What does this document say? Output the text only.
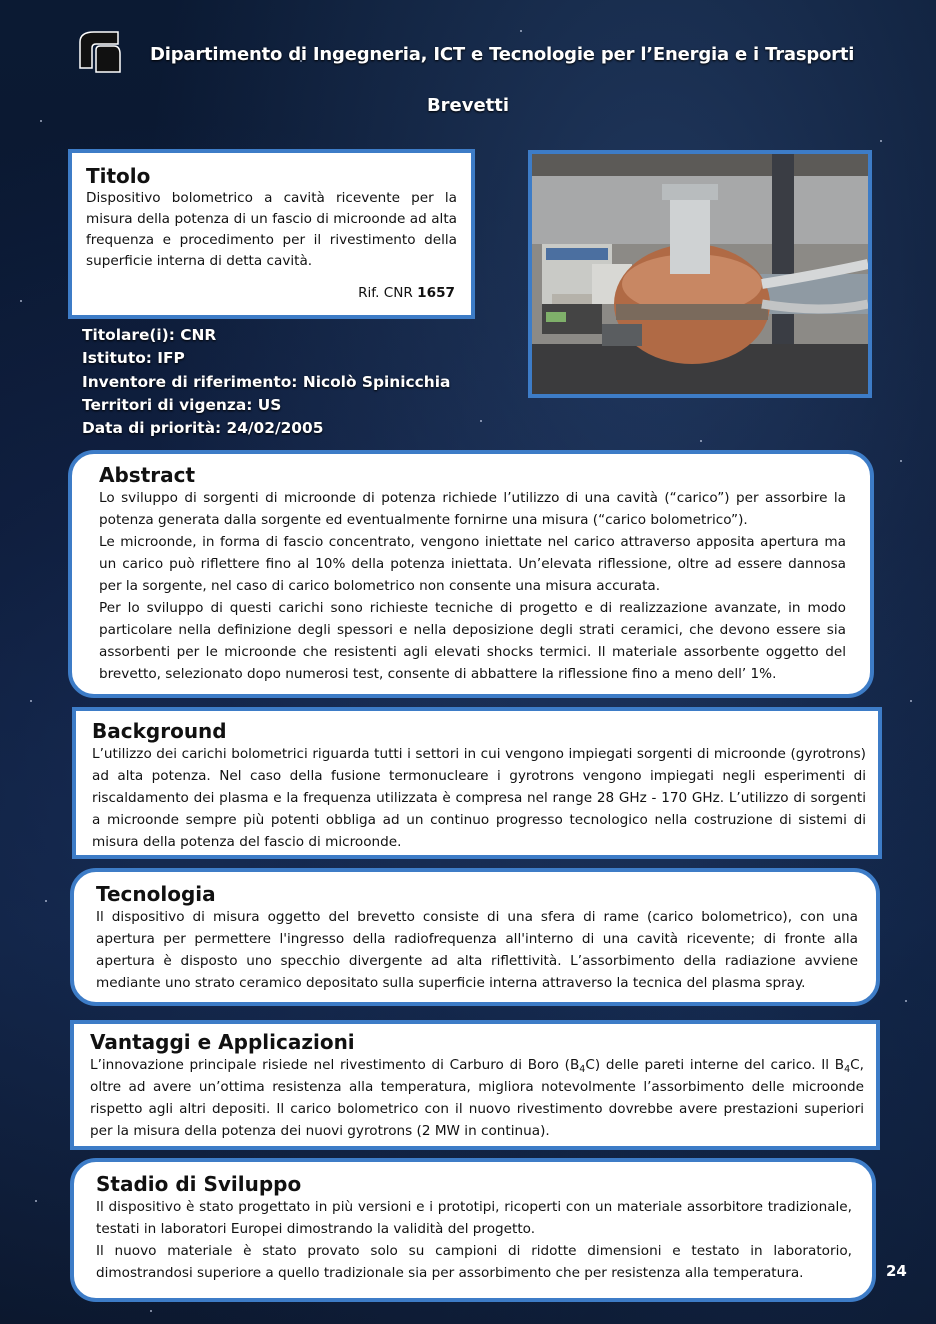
Dipartimento di Ingegneria, ICT e Tecnologie per l’Energia e i Trasporti
Brevetti
Titolo

Dispositivo bolometrico a cavità ricevente per la misura della potenza di un fascio di microonde ad alta frequenza e procedimento per il rivestimento della superficie interna di detta cavità.

Rif. CNR 1657
Titolare(i): CNR
Istituto: IFP
Inventore di riferimento: Nicolò Spinicchia
Territori di vigenza: US
Data di priorità: 24/02/2005
Abstract

Lo sviluppo di sorgenti di microonde di potenza richiede l’utilizzo di una cavità (“carico”) per assorbire la potenza generata dalla sorgente ed eventualmente fornirne una misura (“carico bolometrico”).

Le microonde, in forma di fascio concentrato, vengono iniettate nel carico attraverso apposita apertura ma un carico può riflettere fino al 10% della potenza iniettata. Un’elevata riflessione, oltre ad essere dannosa per la sorgente, nel caso di carico bolometrico non consente una misura accurata.

Per lo sviluppo di questi carichi sono richieste tecniche di progetto e di realizzazione avanzate, in modo particolare nella definizione degli spessori e nella deposizione degli strati ceramici, che devono essere sia assorbenti per le microonde che resistenti agli elevati shocks termici. Il materiale assorbente oggetto del brevetto, selezionato dopo numerosi test, consente di abbattere la riflessione fino a meno dell’ 1%.

Background

L’utilizzo dei carichi bolometrici riguarda tutti i settori in cui vengono impiegati sorgenti di microonde (gyrotrons) ad alta potenza. Nel caso della fusione termonucleare i gyrotrons vengono impiegati negli esperimenti di riscaldamento dei plasma e la frequenza utilizzata è compresa nel range 28 GHz - 170 GHz. L’utilizzo di sorgenti a microonde sempre più potenti obbliga ad un continuo progresso tecnologico nella costruzione di sistemi di misura della potenza del fascio di microonde.

Tecnologia

Il dispositivo di misura oggetto del brevetto consiste di una sfera di rame (carico bolometrico), con una apertura per permettere l'ingresso della radiofrequenza all'interno di una cavità ricevente; di fronte alla apertura è disposto uno specchio divergente ad alta riflettività. L’assorbimento della radiazione avviene mediante uno strato ceramico depositato sulla superficie interna attraverso la tecnica del plasma spray.

Vantaggi e Applicazioni

L’innovazione principale risiede nel rivestimento di Carburo di Boro $(B_4C)$ delle pareti interne del carico. Il $B_4C$, oltre ad avere un’ottima resistenza alla temperatura, migliora notevolmente l’assorbimento delle microonde rispetto agli altri depositi. Il carico bolometrico con il nuovo rivestimento dovrebbe avere prestazioni superiori per la misura della potenza dei nuovi gyrotrons (2 MW in continua).

Stadio di Sviluppo

Il dispositivo è stato progettato in più versioni e i prototipi, ricoperti con un materiale assorbitore tradizionale, testati in laboratori Europei dimostrando la validità del progetto.

Il nuovo materiale è stato provato solo su campioni di ridotte dimensioni e testato in laboratorio, dimostrandosi superiore a quello tradizionale sia per assorbimento che per resistenza alla temperatura.	24
